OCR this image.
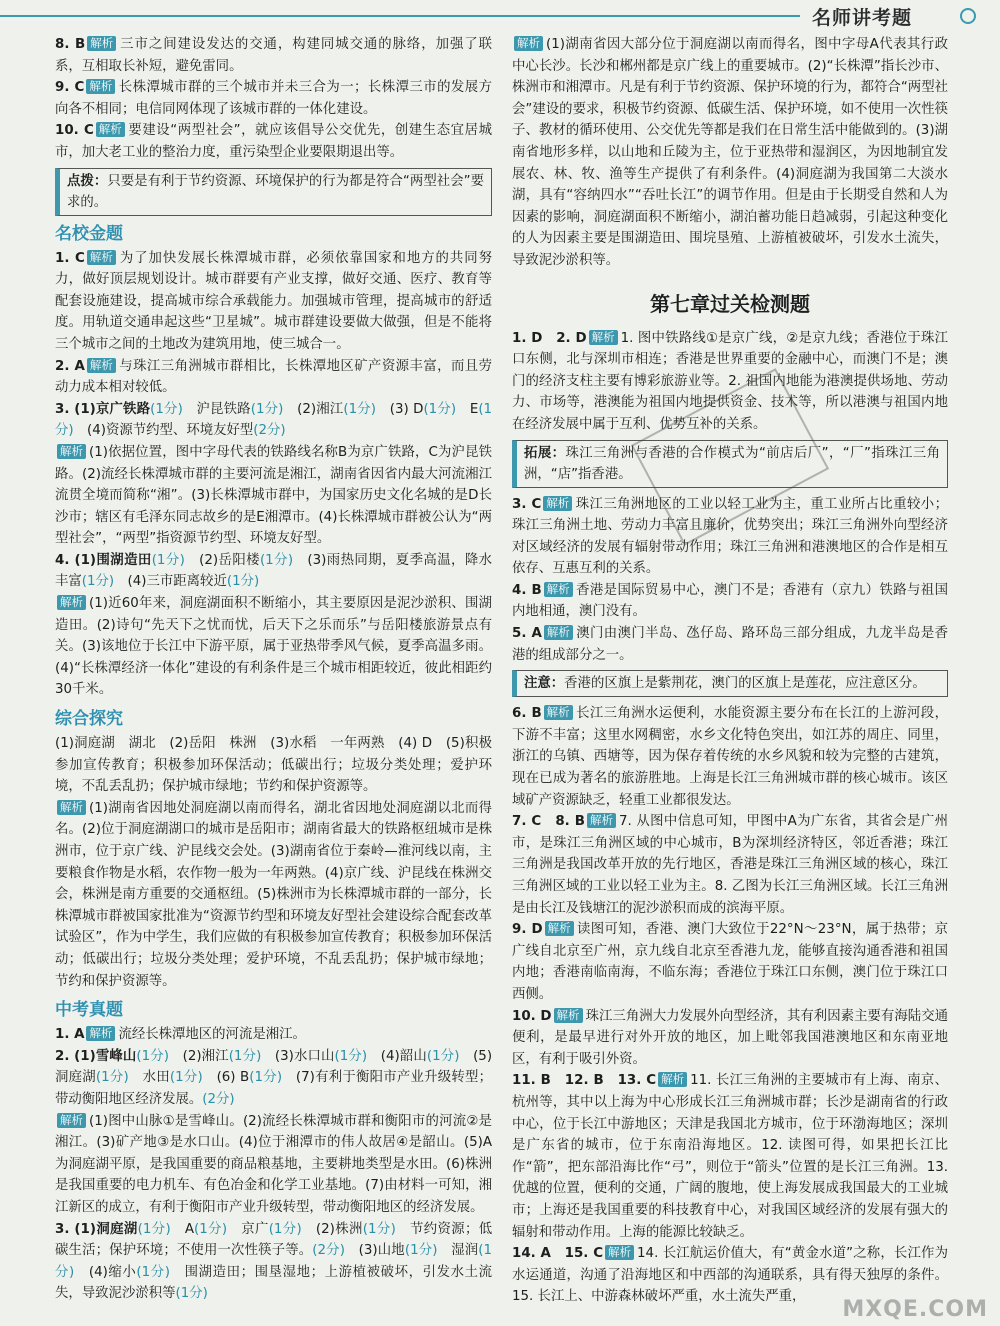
名师讲考题

8. B 解析 三市之间建设发达的交通，构建同城交通的脉络，加强了联系，互相取长补短，避免雷同。

9. C 解析 长株潭城市群的三个城市并未三合为一；长株潭三市的发展方向各不相同；电信同网体现了该城市群的一体化建设。

10. C 解析 要建设“两型社会”，就应该倡导公交优先，创建生态宜居城市，加大老工业的整治力度，重污染型企业要限期退出等。

点拨：只要是有利于节约资源、环境保护的行为都是符合“两型社会”要求的。
名校金题

1. C 解析 为了加快发展长株潭城市群，必须依靠国家和地方的共同努力，做好顶层规划设计。城市群要有产业支撑，做好交通、医疗、教育等配套设施建设，提高城市综合承载能力。加强城市管理，提高城市的舒适度。用轨道交通串起这些“卫星城”。城市群建设要做大做强，但是不能将三个城市之间的土地改为建筑用地，使三城合一。

2. A 解析 与珠江三角洲城市群相比，长株潭地区矿产资源丰富，而且劳动力成本相对较低。

3. (1)京广铁路(1分)　沪昆铁路(1分)　(2)湘江(1分)　(3) D(1分)　E(1分)　(4)资源节约型、环境友好型(2分)

解析 (1)依据位置，图中字母代表的铁路线名称B为京广铁路，C为沪昆铁路。(2)流经长株潭城市群的主要河流是湘江，湖南省因省内最大河流湘江流贯全境而简称“湘”。(3)长株潭城市群中，为国家历史文化名城的是D长沙市；辖区有毛泽东同志故乡的是E湘潭市。(4)长株潭城市群被公认为“两型社会”，“两型”指资源节约型、环境友好型。

4. (1)围湖造田(1分)　(2)岳阳楼(1分)　(3)雨热同期，夏季高温，降水丰富(1分)　(4)三市距离较近(1分)

解析 (1)近60年来，洞庭湖面积不断缩小，其主要原因是泥沙淤积、围湖造田。(2)诗句“先天下之忧而忧，后天下之乐而乐”与岳阳楼旅游景点有关。(3)该地位于长江中下游平原，属于亚热带季风气候，夏季高温多雨。(4)“长株潭经济一体化”建设的有利条件是三个城市相距较近，彼此相距约30千米。

综合探究

(1)洞庭湖　湖北　(2)岳阳　株洲　(3)水稻　一年两熟　(4) D　(5)积极参加宣传教育；积极参加环保活动；低碳出行；垃圾分类处理；爱护环境，不乱丢乱扔；保护城市绿地；节约和保护资源等。

解析 (1)湖南省因地处洞庭湖以南而得名，湖北省因地处洞庭湖以北而得名。(2)位于洞庭湖湖口的城市是岳阳市；湖南省最大的铁路枢纽城市是株洲市，位于京广线、沪昆线交会处。(3)湖南省位于秦岭—淮河线以南，主要粮食作物是水稻，农作物一般为一年两熟。(4)京广线、沪昆线在株洲交会，株洲是南方重要的交通枢纽。(5)株洲市为长株潭城市群的一部分，长株潭城市群被国家批准为“资源节约型和环境友好型社会建设综合配套改革试验区”，作为中学生，我们应做的有积极参加宣传教育；积极参加环保活动；低碳出行；垃圾分类处理；爱护环境，不乱丢乱扔；保护城市绿地；节约和保护资源等。

中考真题

1. A 解析 流经长株潭地区的河流是湘江。

2. (1)雪峰山(1分)　(2)湘江(1分)　(3)水口山(1分)　(4)韶山(1分)　(5)洞庭湖(1分)　水田(1分)　(6) B(1分)　(7)有利于衡阳市产业升级转型；带动衡阳地区经济发展。(2分)

解析 (1)图中山脉①是雪峰山。(2)流经长株潭城市群和衡阳市的河流②是湘江。(3)矿产地③是水口山。(4)位于湘潭市的伟人故居④是韶山。(5)A为洞庭湖平原，是我国重要的商品粮基地，主要耕地类型是水田。(6)株洲是我国重要的电力机车、有色冶金和化学工业基地。(7)由材料一可知，湘江新区的成立，有利于衡阳市产业升级转型，带动衡阳地区的经济发展。

3. (1)洞庭湖(1分)　A(1分)　京广(1分)　(2)株洲(1分)　节约资源；低碳生活；保护环境；不使用一次性筷子等。(2分)　(3)山地(1分)　湿润(1分)　(4)缩小(1分)　围湖造田；围垦湿地；上游植被破坏，引发水土流失，导致泥沙淤积等(1分)

解析 (1)湖南省因大部分位于洞庭湖以南而得名，图中字母A代表其行政中心长沙。长沙和郴州都是京广线上的重要城市。(2)“长株潭”指长沙市、株洲市和湘潭市。凡是有利于节约资源、保护环境的行为，都符合“两型社会”建设的要求，积极节约资源、低碳生活、保护环境，如不使用一次性筷子、教材的循环使用、公交优先等都是我们在日常生活中能做到的。(3)湖南省地形多样，以山地和丘陵为主，位于亚热带和湿润区，为因地制宜发展农、林、牧、渔等生产提供了有利条件。(4)洞庭湖为我国第二大淡水湖，具有“容纳四水”“吞吐长江”的调节作用。但是由于长期受自然和人为因素的影响，洞庭湖面积不断缩小，湖泊蓄功能日趋减弱，引起这种变化的人为因素主要是围湖造田、围垸垦殖、上游植被破坏，引发水土流失，导致泥沙淤积等。

第七章过关检测题

1. D　2. D 解析 1. 图中铁路线①是京广线，②是京九线；香港位于珠江口东侧，北与深圳市相连；香港是世界重要的金融中心，而澳门不是；澳门的经济支柱主要有博彩旅游业等。2. 祖国内地能为港澳提供场地、劳动力、市场等，港澳能为祖国内地提供资金、技术等，所以港澳与祖国内地在经济发展中属于互利、优势互补的关系。

拓展：珠江三角洲与香港的合作模式为“前店后厂”，“厂”指珠江三角洲，“店”指香港。

3. C 解析 珠江三角洲地区的工业以轻工业为主，重工业所占比重较小；珠江三角洲土地、劳动力丰富且廉价，优势突出；珠江三角洲外向型经济对区域经济的发展有辐射带动作用；珠江三角洲和港澳地区的合作是相互依存、互惠互利的关系。

4. B 解析 香港是国际贸易中心，澳门不是；香港有（京九）铁路与祖国内地相通，澳门没有。

5. A 解析 澳门由澳门半岛、氹仔岛、路环岛三部分组成，九龙半岛是香港的组成部分之一。

注意：香港的区旗上是紫荆花，澳门的区旗上是莲花，应注意区分。

6. B 解析 长江三角洲水运便利，水能资源主要分布在长江的上游河段，下游不丰富；这里水网稠密，水乡文化特色突出，如江苏的周庄、同里，浙江的乌镇、西塘等，因为保存着传统的水乡风貌和较为完整的古建筑，现在已成为著名的旅游胜地。上海是长江三角洲城市群的核心城市。该区域矿产资源缺乏，轻重工业都很发达。

7. C　8. B 解析 7. 从图中信息可知，甲图中A为广东省，其省会是广州市，是珠江三角洲区域的中心城市，B为深圳经济特区，邻近香港；珠江三角洲是我国改革开放的先行地区，香港是珠江三角洲区域的核心，珠江三角洲区域的工业以轻工业为主。8. 乙图为长江三角洲区域。长江三角洲是由长江及钱塘江的泥沙淤积而成的滨海平原。

9. D 解析 读图可知，香港、澳门大致位于22°N～23°N，属于热带；京广线自北京至广州，京九线自北京至香港九龙，能够直接沟通香港和祖国内地；香港南临南海，不临东海；香港位于珠江口东侧，澳门位于珠江口西侧。

10. D 解析 珠江三角洲大力发展外向型经济，其有利因素主要有海陆交通便利，是最早进行对外开放的地区，加上毗邻我国港澳地区和东南亚地区，有利于吸引外资。

11. B　12. B　13. C 解析 11. 长江三角洲的主要城市有上海、南京、杭州等，其中以上海为中心形成长江三角洲城市群；长沙是湖南省的行政中心，位于长江中游地区；天津是我国北方城市，位于环渤海地区；深圳是广东省的城市，位于东南沿海地区。12. 读图可得，如果把长江比作“箭”，把东部沿海比作“弓”，则位于“箭头”位置的是长江三角洲。13. 优越的位置，便利的交通，广阔的腹地，使上海发展成我国最大的工业城市；上海还是我国重要的科技教育中心，对我国区域经济的发展有强大的辐射和带动作用。上海的能源比较缺乏。

14. A　15. C 解析 14. 长江航运价值大，有“黄金水道”之称，长江作为水运通道，沟通了沿海地区和中西部的沟通联系，具有得天独厚的条件。15. 长江上、中游森林破坏严重，水土流失严重，

MXQE.COM
